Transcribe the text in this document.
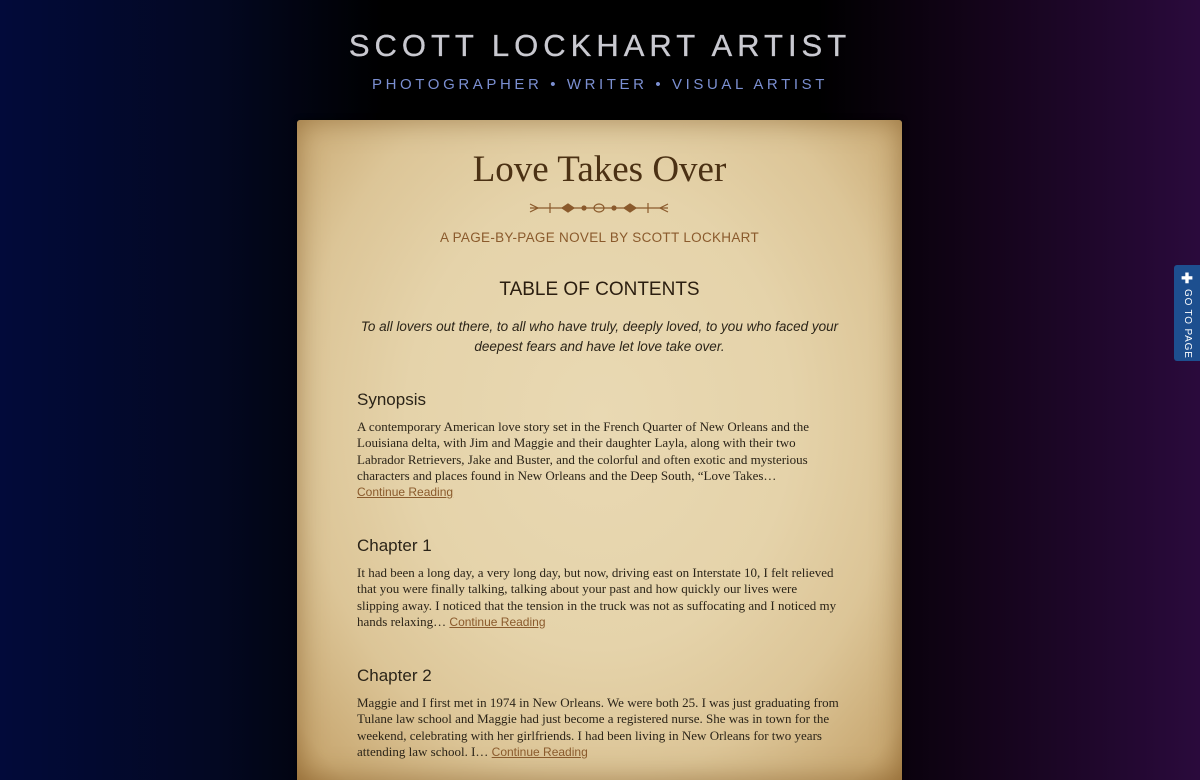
SCOTT LOCKHART ARTIST

PHOTOGRAPHER • WRITER • VISUAL ARTIST

Love Takes Over

A PAGE-BY-PAGE NOVEL BY SCOTT LOCKHART

TABLE OF CONTENTS

To all lovers out there, to all who have truly, deeply loved, to you who faced your deepest fears and have let love take over.

Synopsis

A contemporary American love story set in the French Quarter of New Orleans and the Louisiana delta, with Jim and Maggie and their daughter Layla, along with their two Labrador Retrievers, Jake and Buster, and the colorful and often exotic and mysterious characters and places found in New Orleans and the Deep South, “Love Takes…
Continue Reading

Chapter 1

It had been a long day, a very long day, but now, driving east on Interstate 10, I felt relieved that you were finally talking, talking about your past and how quickly our lives were slipping away. I noticed that the tension in the truck was not as suffocating and I noticed my hands relaxing… Continue Reading

Chapter 2

Maggie and I first met in 1974 in New Orleans. We were both 25. I was just graduating from Tulane law school and Maggie had just become a registered nurse. She was in town for the weekend, celebrating with her girlfriends. I had been living in New Orleans for two years attending law school. I… Continue Reading

✚
GO TO PAGE
